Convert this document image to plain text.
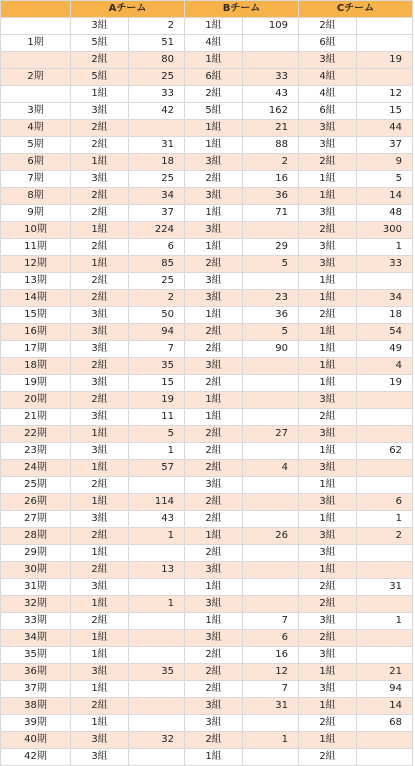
	Aチーム		Bチーム		Cチーム	
	3組	2	1組	109	2組	
1期	5組	51	4組		6組	
	2組	80	1組		3組	19
2期	5組	25	6組	33	4組	
	1組	33	2組	43	4組	12
3期	3組	42	5組	162	6組	15
4期	2組		1組	21	3組	44
5期	2組	31	1組	88	3組	37
6期	1組	18	3組	2	2組	9
7期	3組	25	2組	16	1組	5
8期	2組	34	3組	36	1組	14
9期	2組	37	1組	71	3組	48
10期	1組	224	3組		2組	300
11期	2組	6	1組	29	3組	1
12期	1組	85	2組	5	3組	33
13期	2組	25	3組		1組	
14期	2組	2	3組	23	1組	34
15期	3組	50	1組	36	2組	18
16期	3組	94	2組	5	1組	54
17期	3組	7	2組	90	1組	49
18期	2組	35	3組		1組	4
19期	3組	15	2組		1組	19
20期	2組	19	1組		3組	
21期	3組	11	1組		2組	
22期	1組	5	2組	27	3組	
23期	3組	1	2組		1組	62
24期	1組	57	2組	4	3組	
25期	2組		3組		1組	
26期	1組	114	2組		3組	6
27期	3組	43	2組		1組	1
28期	2組	1	1組	26	3組	2
29期	1組		2組		3組	
30期	2組	13	3組		1組	
31期	3組		1組		2組	31
32期	1組	1	3組		2組	
33期	2組		1組	7	3組	1
34期	1組		3組	6	2組	
35期	1組		2組	16	3組	
36期	3組	35	2組	12	1組	21
37期	1組		2組	7	3組	94
38期	2組		3組	31	1組	14
39期	1組		3組		2組	68
40期	3組	32	2組	1	1組	
42期	3組		1組		2組	
